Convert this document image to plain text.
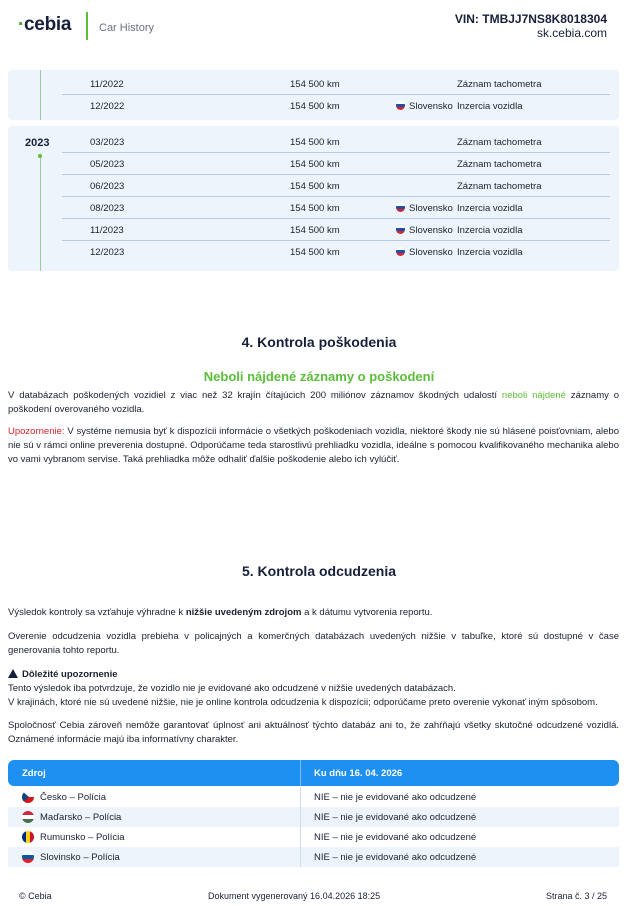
·cebia	Car History
VIN: TMBJJ7NS8K8018304
sk.cebia.com
11/2022	154 500 km	Záznam tachometra
12/2022	154 500 km	Slovensko Inzercia vozidla
2023	03/2023	154 500 km	Záznam tachometra
05/2023	154 500 km	Záznam tachometra
06/2023	154 500 km	Záznam tachometra
08/2023	154 500 km	Slovensko Inzercia vozidla
11/2023	154 500 km	Slovensko Inzercia vozidla
12/2023	154 500 km	Slovensko Inzercia vozidla
4. Kontrola poškodenia
Neboli nájdené záznamy o poškodení
V databázach poškodených vozidiel z viac než 32 krajín čítajúcich 200 miliónov záznamov škodných udalostí neboli nájdené záznamy o poškodení overovaného vozidla.
Upozornenie: V systéme nemusia byť k dispozícii informácie o všetkých poškodeniach vozidla, niektoré škody nie sú hlásené poisťovniam, alebo nie sú v rámci online preverenia dostupné. Odporúčame teda starostlivú prehliadku vozidla, ideálne s pomocou kvalifikovaného mechanika alebo vo vami vybranom servise. Taká prehliadka môže odhaliť ďalšie poškodenie alebo ich vylúčiť.
5. Kontrola odcudzenia
Výsledok kontroly sa vzťahuje výhradne k nižšie uvedeným zdrojom a k dátumu vytvorenia reportu.
Overenie odcudzenia vozidla prebieha v policajných a komerčných databázach uvedených nižšie v tabuľke, ktoré sú dostupné v čase generovania tohto reportu.
Dôležité upozornenie
Tento výsledok iba potvrdzuje, že vozidlo nie je evidované ako odcudzené v nižšie uvedených databázach.
V krajinách, ktoré nie sú uvedené nižšie, nie je online kontrola odcudzenia k dispozícii; odporúčame preto overenie vykonať iným spôsobom.
Spoločnosť Cebia zároveň nemôže garantovať úplnosť ani aktuálnosť týchto databáz ani to, že zahŕňajú všetky skutočné odcudzené vozidlá. Oznámené informácie majú iba informatívny charakter.
Zdroj	Ku dňu 16. 04. 2026
Česko – Polícia	NIE – nie je evidované ako odcudzené
Maďarsko – Polícia	NIE – nie je evidované ako odcudzené
Rumunsko – Polícia	NIE – nie je evidované ako odcudzené
Slovinsko – Polícia	NIE – nie je evidované ako odcudzené
© Cebia	Dokument vygenerovaný 16.04.2026 18:25	Strana č. 3 / 25
